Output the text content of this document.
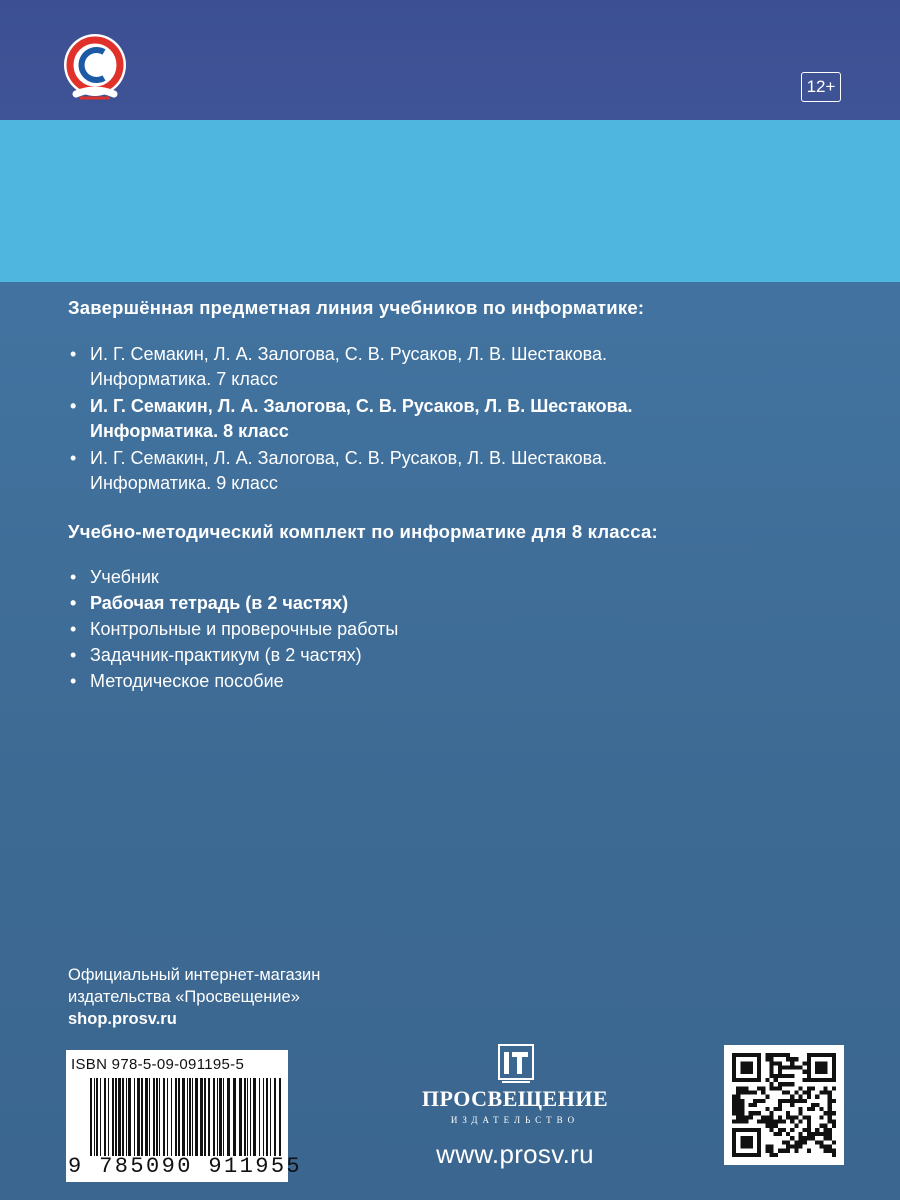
12+
Завершённая предметная линия учебников по информатике:
• И. Г. Семакин, Л. А. Залогова, С. В. Русаков, Л. В. Шестакова.
Информатика. 7 класс
• И. Г. Семакин, Л. А. Залогова, С. В. Русаков, Л. В. Шестакова.
Информатика. 8 класс
• И. Г. Семакин, Л. А. Залогова, С. В. Русаков, Л. В. Шестакова.
Информатика. 9 класс
Учебно-методический комплект по информатике для 8 класса:
• Учебник
• Рабочая тетрадь (в 2 частях)
• Контрольные и проверочные работы
• Задачник-практикум (в 2 частях)
• Методическое пособие
Официальный интернет-магазин
издательства «Просвещение»
shop.prosv.ru
ISBN 978-5-09-091195-5
9 785090 911955
ПРОСВЕЩЕНИЕ
ИЗДАТЕЛЬСТВО
www.prosv.ru
